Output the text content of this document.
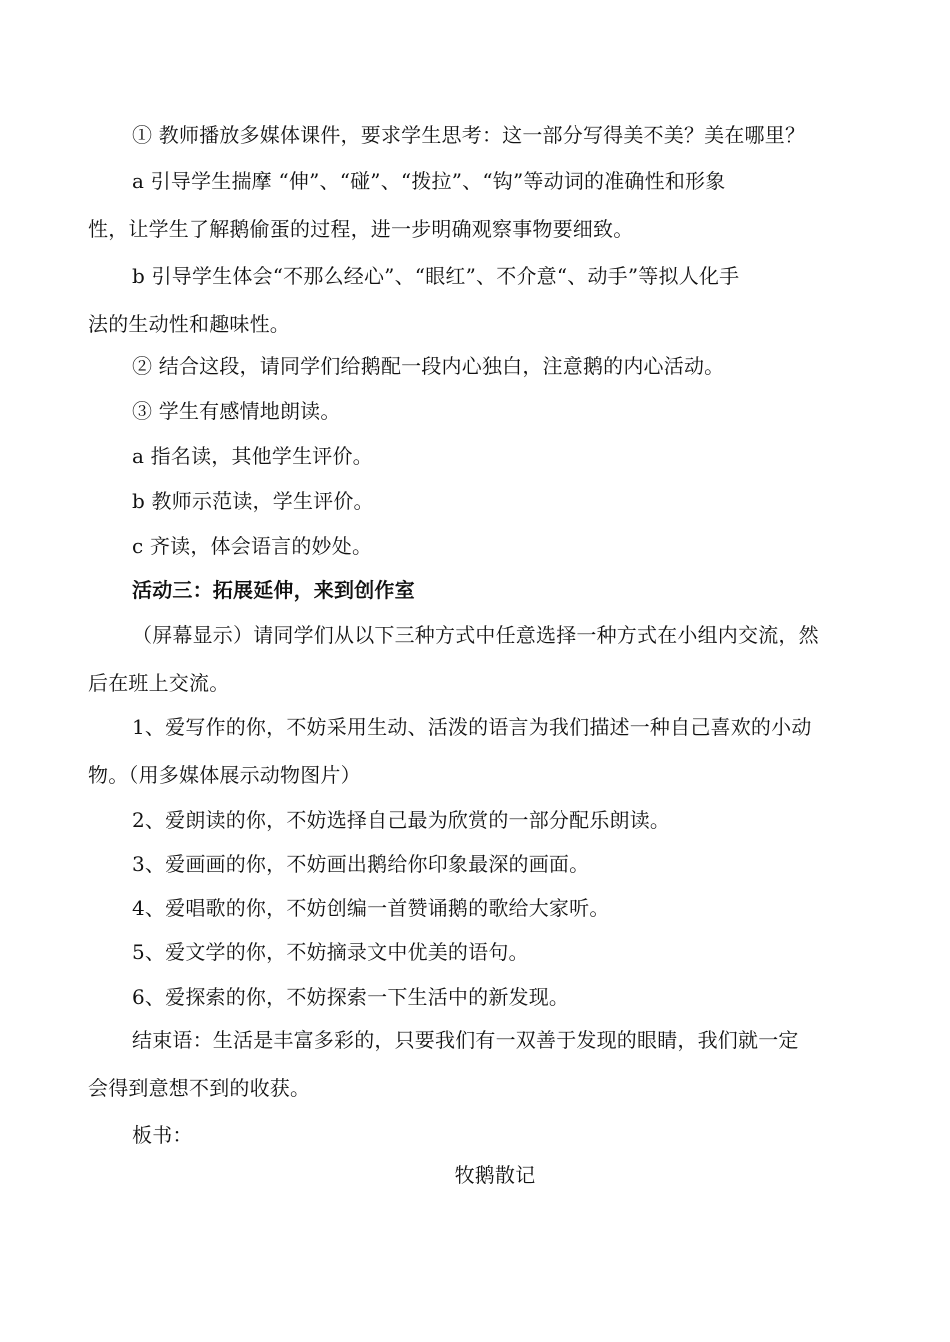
① 教师播放多媒体课件，要求学生思考：这一部分写得美不美？美在哪里？
a 引导学生揣摩 “伸”、“碰”、“拨拉”、“钩”等动词的准确性和形象
性，让学生了解鹅偷蛋的过程，进一步明确观察事物要细致。
b 引导学生体会“不那么经心”、“眼红”、不介意“、动手”等拟人化手
法的生动性和趣味性。
② 结合这段，请同学们给鹅配一段内心独白，注意鹅的内心活动。
③ 学生有感情地朗读。
a 指名读，其他学生评价。
b 教师示范读，学生评价。
c 齐读，体会语言的妙处。
活动三：拓展延伸，来到创作室
（屏幕显示）请同学们从以下三种方式中任意选择一种方式在小组内交流，然
后在班上交流。
1、爱写作的你，不妨采用生动、活泼的语言为我们描述一种自己喜欢的小动
物。（用多媒体展示动物图片）
2、爱朗读的你，不妨选择自己最为欣赏的一部分配乐朗读。
3、爱画画的你，不妨画出鹅给你印象最深的画面。
4、爱唱歌的你，不妨创编一首赞诵鹅的歌给大家听。
5、爱文学的你，不妨摘录文中优美的语句。
6、爱探索的你，不妨探索一下生活中的新发现。
结束语：生活是丰富多彩的，只要我们有一双善于发现的眼睛，我们就一定
会得到意想不到的收获。
板书：
牧鹅散记
